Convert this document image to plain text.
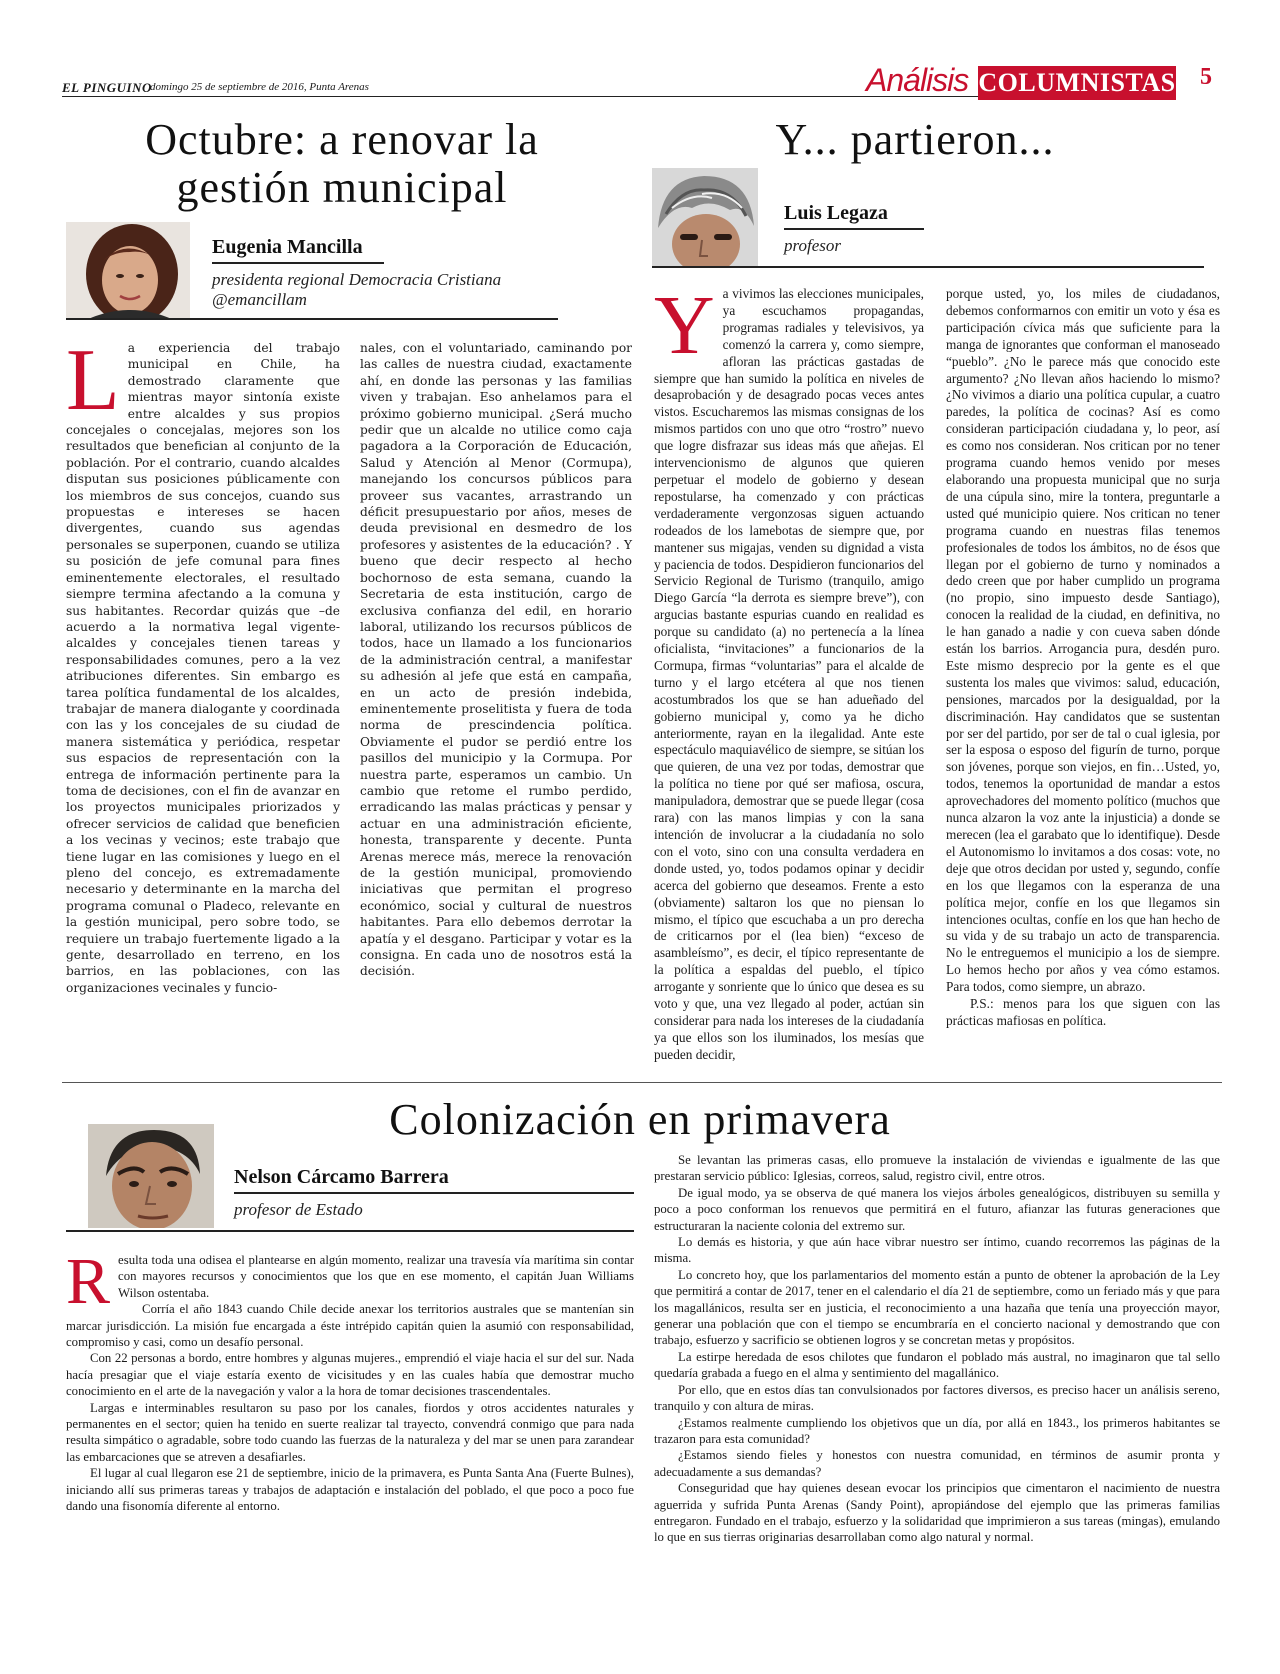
EL PINGUINO
domingo 25 de septiembre de 2016, Punta Arenas	Análisis COLUMNISTAS 5
Octubre: a renovar la
gestión municipal
Eugenia Mancilla
presidenta regional Democracia Cristiana
@emancillam
L a experiencia del trabajo municipal en Chile, ha demostrado claramente que mientras mayor sintonía existe entre alcaldes y sus propios concejales o concejalas, mejores son los resultados que benefician al conjunto de la población. Por el contrario, cuando alcaldes disputan sus posiciones públicamente con los miembros de sus concejos, cuando sus propuestas e intereses se hacen divergentes, cuando sus agendas personales se superponen, cuando se utiliza su posición de jefe comunal para fines eminentemente electorales, el resultado siempre termina afectando a la comuna y sus habitantes. Recordar quizás que –de acuerdo a la normativa legal vigente- alcaldes y concejales tienen tareas y responsabilidades comunes, pero a la vez atribuciones diferentes. Sin embargo es tarea política fundamental de los alcaldes, trabajar de manera dialogante y coordinada con las y los concejales de su ciudad de manera sistemática y periódica, respetar sus espacios de representación con la entrega de información pertinente para la toma de decisiones, con el fin de avanzar en los proyectos municipales priorizados y ofrecer servicios de calidad que beneficien a los vecinas y vecinos; este trabajo que tiene lugar en las comisiones y luego en el pleno del concejo, es extremadamente necesario y determinante en la marcha del programa comunal o Pladeco, relevante en la gestión municipal, pero sobre todo, se requiere un trabajo fuertemente ligado a la gente, desarrollado en terreno, en los barrios, en las poblaciones, con las organizaciones vecinales y funcio-
nales, con el voluntariado, caminando por las calles de nuestra ciudad, exactamente ahí, en donde las personas y las familias viven y trabajan. Eso anhelamos para el próximo gobierno municipal. ¿Será mucho pedir que un alcalde no utilice como caja pagadora a la Corporación de Educación, Salud y Atención al Menor (Cormupa), manejando los concursos públicos para proveer sus vacantes, arrastrando un déficit presupuestario por años, meses de deuda previsional en desmedro de los profesores y asistentes de la educación? . Y bueno que decir respecto al hecho bochornoso de esta semana, cuando la Secretaria de esta institución, cargo de exclusiva confianza del edil, en horario laboral, utilizando los recursos públicos de todos, hace un llamado a los funcionarios de la administración central, a manifestar su adhesión al jefe que está en campaña, en un acto de presión indebida, eminentemente proselitista y fuera de toda norma de prescindencia política. Obviamente el pudor se perdió entre los pasillos del municipio y la Cormupa. Por nuestra parte, esperamos un cambio. Un cambio que retome el rumbo perdido, erradicando las malas prácticas y pensar y actuar en una administración eficiente, honesta, transparente y decente. Punta Arenas merece más, merece la renovación de la gestión municipal, promoviendo iniciativas que permitan el progreso económico, social y cultural de nuestros habitantes. Para ello debemos derrotar la apatía y el desgano. Participar y votar es la consigna. En cada uno de nosotros está la decisión.
Y... partieron...
Luis Legaza
profesor
Y a vivimos las elecciones municipales, ya escuchamos propagandas, programas radiales y televisivos, ya comenzó la carrera y, como siempre, afloran las prácticas gastadas de siempre que han sumido la política en niveles de desaprobación y de desagrado pocas veces antes vistos. Escucharemos las mismas consignas de los mismos partidos con uno que otro “rostro” nuevo que logre disfrazar sus ideas más que añejas. El intervencionismo de algunos que quieren perpetuar el modelo de gobierno y desean repostularse, ha comenzado y con prácticas verdaderamente vergonzosas siguen actuando rodeados de los lamebotas de siempre que, por mantener sus migajas, venden su dignidad a vista y paciencia de todos. Despidieron funcionarios del Servicio Regional de Turismo (tranquilo, amigo Diego García “la derrota es siempre breve”), con argucias bastante espurias cuando en realidad es porque su candidato (a) no pertenecía a la línea oficialista, “invitaciones” a funcionarios de la Cormupa, firmas “voluntarias” para el alcalde de turno y el largo etcétera al que nos tienen acostumbrados los que se han adueñado del gobierno municipal y, como ya he dicho anteriormente, rayan en la ilegalidad. Ante este espectáculo maquiavélico de siempre, se sitúan los que quieren, de una vez por todas, demostrar que la política no tiene por qué ser mafiosa, oscura, manipuladora, demostrar que se puede llegar (cosa rara) con las manos limpias y con la sana intención de involucrar a la ciudadanía no solo con el voto, sino con una consulta verdadera en donde usted, yo, todos podamos opinar y decidir acerca del gobierno que deseamos. Frente a esto (obviamente) saltaron los que no piensan lo mismo, el típico que escuchaba a un pro derecha de criticarnos por el (lea bien) “exceso de asambleísmo”, es decir, el típico representante de la política a espaldas del pueblo, el típico arrogante y sonriente que lo único que desea es su voto y que, una vez llegado al poder, actúan sin considerar para nada los intereses de la ciudadanía ya que ellos son los iluminados, los mesías que pueden decidir,

porque usted, yo, los miles de ciudadanos, debemos conformarnos con emitir un voto y ésa es participación cívica más que suficiente para la manga de ignorantes que conforman el manoseado “pueblo”. ¿No le parece más que conocido este argumento? ¿No llevan años haciendo lo mismo? ¿No vivimos a diario una política cupular, a cuatro paredes, la política de cocinas? Así es como consideran participación ciudadana y, lo peor, así es como nos consideran. Nos critican por no tener programa cuando hemos venido por meses elaborando una propuesta municipal que no surja de una cúpula sino, mire la tontera, preguntarle a usted qué municipio quiere. Nos critican no tener programa cuando en nuestras filas tenemos profesionales de todos los ámbitos, no de ésos que llegan por el gobierno de turno y nominados a dedo creen que por haber cumplido un programa (no propio, sino impuesto desde Santiago), conocen la realidad de la ciudad, en definitiva, no le han ganado a nadie y con cueva saben dónde están los barrios. Arrogancia pura, desdén puro. Este mismo desprecio por la gente es el que sustenta los males que vivimos: salud, educación, pensiones, marcados por la desigualdad, por la discriminación. Hay candidatos que se sustentan por ser del partido, por ser de tal o cual iglesia, por ser la esposa o esposo del figurín de turno, porque son jóvenes, porque son viejos, en fin…Usted, yo, todos, tenemos la oportunidad de mandar a estos aprovechadores del momento político (muchos que nunca alzaron la voz ante la injusticia) a donde se merecen (lea el garabato que lo identifique). Desde el Autonomismo lo invitamos a dos cosas: vote, no deje que otros decidan por usted y, segundo, confíe en los que llegamos con la esperanza de una política mejor, confíe en los que llegamos sin intenciones ocultas, confíe en los que han hecho de su vida y de su trabajo un acto de transparencia. No le entreguemos el municipio a los de siempre. Lo hemos hecho por años y vea cómo estamos. Para todos, como siempre, un abrazo.

P.S.: menos para los que siguen con las prácticas mafiosas en política.

Colonización en primavera
Nelson Cárcamo Barrera
profesor de Estado

R esulta toda una odisea el plantearse en algún momento, realizar una travesía vía marítima sin contar con mayores recursos y conocimientos que los que en ese momento, el capitán Juan Williams Wilson ostentaba.

Corría el año 1843 cuando Chile decide anexar los territorios australes que se mantenían sin marcar jurisdicción. La misión fue encargada a éste intrépido capitán quien la asumió con responsabilidad, compromiso y casi, como un desafío personal.

Con 22 personas a bordo, entre hombres y algunas mujeres., emprendió el viaje hacia el sur del sur. Nada hacía presagiar que el viaje estaría exento de vicisitudes y en las cuales había que demostrar mucho conocimiento en el arte de la navegación y valor a la hora de tomar decisiones trascendentales.

Largas e interminables resultaron su paso por los canales, fiordos y otros accidentes naturales y permanentes en el sector; quien ha tenido en suerte realizar tal trayecto, convendrá conmigo que para nada resulta simpático o agradable, sobre todo cuando las fuerzas de la naturaleza y del mar se unen para zarandear las embarcaciones que se atreven a desafiarles.

El lugar al cual llegaron ese 21 de septiembre, inicio de la primavera, es Punta Santa Ana (Fuerte Bulnes), iniciando allí sus primeras tareas y trabajos de adaptación e instalación del poblado, el que poco a poco fue dando una fisonomía diferente al entorno.

Se levantan las primeras casas, ello promueve la instalación de viviendas e igualmente de las que prestaran servicio público: Iglesias, correos, salud, registro civil, entre otros.

De igual modo, ya se observa de qué manera los viejos árboles genealógicos, distribuyen su semilla y poco a poco conforman los renuevos que permitirá en el futuro, afianzar las futuras generaciones que estructuraran la naciente colonia del extremo sur.

Lo demás es historia, y que aún hace vibrar nuestro ser íntimo, cuando recorremos las páginas de la misma.

Lo concreto hoy, que los parlamentarios del momento están a punto de obtener la aprobación de la Ley que permitirá a contar de 2017, tener en el calendario el día 21 de septiembre, como un feriado más y que para los magallánicos, resulta ser en justicia, el reconocimiento a una hazaña que tenía una proyección mayor, generar una población que con el tiempo se encumbraría en el concierto nacional y demostrando que con trabajo, esfuerzo y sacrificio se obtienen logros y se concretan metas y propósitos.

La estirpe heredada de esos chilotes que fundaron el poblado más austral, no imaginaron que tal sello quedaría grabada a fuego en el alma y sentimiento del magallánico.

Por ello, que en estos días tan convulsionados por factores diversos, es preciso hacer un análisis sereno, tranquilo y con altura de miras.

¿Estamos realmente cumpliendo los objetivos que un día, por allá en 1843., los primeros habitantes se trazaron para esta comunidad?

¿Estamos siendo fieles y honestos con nuestra comunidad, en términos de asumir pronta y adecuadamente a sus demandas?

Conseguridad que hay quienes desean evocar los principios que cimentaron el nacimiento de nuestra aguerrida y sufrida Punta Arenas (Sandy Point), apropiándose del ejemplo que las primeras familias entregaron. Fundado en el trabajo, esfuerzo y la solidaridad que imprimieron a sus tareas (mingas), emulando lo que en sus tierras originarias desarrollaban como algo natural y normal.
